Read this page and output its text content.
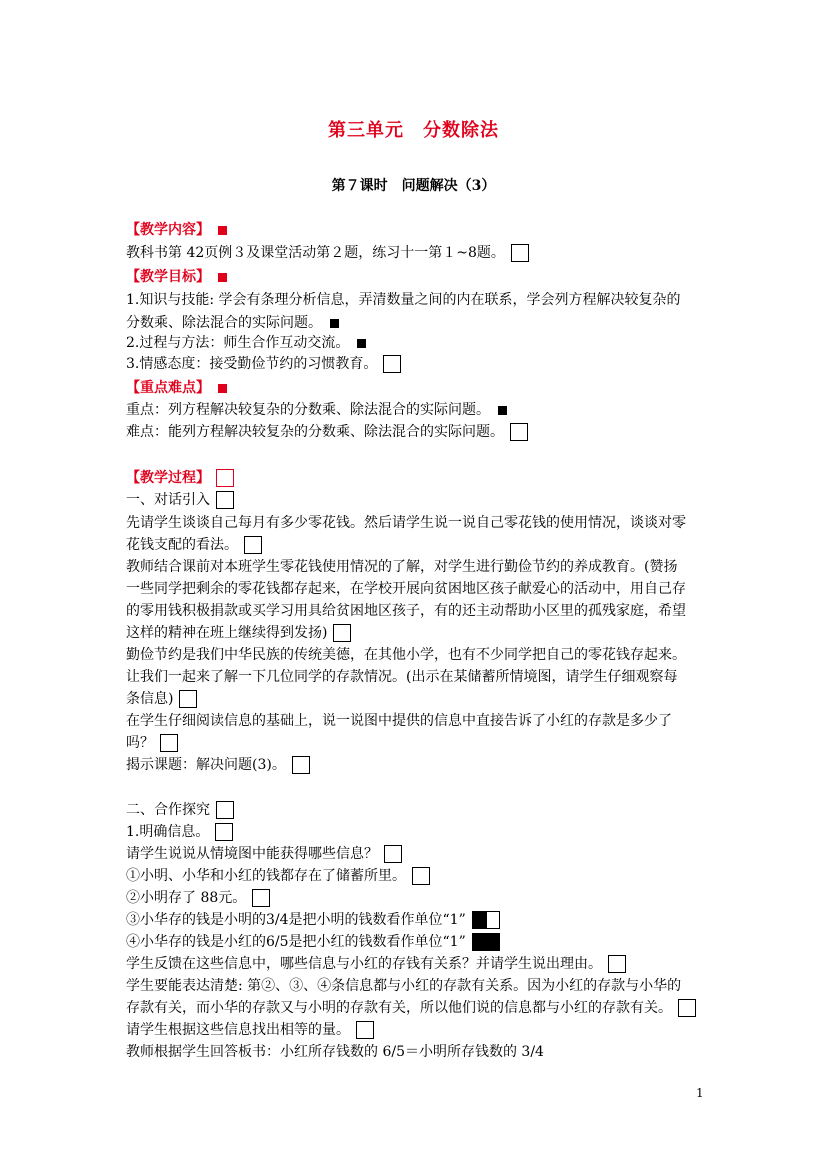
第三单元　分数除法
第７课时　问题解决（3）
【教学内容】
教科书第 42页例３及课堂活动第２题，练习十一第１~8题。
【教学目标】
1.知识与技能: 学会有条理分析信息，弄清数量之间的内在联系，学会列方程解决较复杂的
分数乘、除法混合的实际问题。
2.过程与方法：师生合作互动交流。
3.情感态度：接受勤俭节约的习惯教育。
【重点难点】
重点：列方程解决较复杂的分数乘、除法混合的实际问题。
难点：能列方程解决较复杂的分数乘、除法混合的实际问题。
【教学过程】
一、对话引入
先请学生谈谈自己每月有多少零花钱。然后请学生说一说自己零花钱的使用情况，谈谈对零
花钱支配的看法。
教师结合课前对本班学生零花钱使用情况的了解，对学生进行勤俭节约的养成教育。(赞扬
一些同学把剩余的零花钱都存起来，在学校开展向贫困地区孩子献爱心的活动中，用自己存
的零用钱积极捐款或买学习用具给贫困地区孩子，有的还主动帮助小区里的孤残家庭，希望
这样的精神在班上继续得到发扬)
勤俭节约是我们中华民族的传统美德，在其他小学，也有不少同学把自己的零花钱存起来。
让我们一起来了解一下几位同学的存款情况。(出示在某储蓄所情境图，请学生仔细观察每
条信息)
在学生仔细阅读信息的基础上，说一说图中提供的信息中直接告诉了小红的存款是多少了
吗？
揭示课题：解决问题(3)。
二、合作探究
1.明确信息。
请学生说说从情境图中能获得哪些信息？
①小明、小华和小红的钱都存在了储蓄所里。
②小明存了 88元。
③小华存的钱是小明的3/4是把小明的钱数看作单位“1”
④小华存的钱是小红的6/5是把小红的钱数看作单位“1”
学生反馈在这些信息中，哪些信息与小红的存钱有关系？并请学生说出理由。
学生要能表达清楚: 第②、③、④条信息都与小红的存款有关系。因为小红的存款与小华的
存款有关，而小华的存款又与小明的存款有关，所以他们说的信息都与小红的存款有关。
请学生根据这些信息找出相等的量。
教师根据学生回答板书：小红所存钱数的 6/5＝小明所存钱数的 3/4
1
